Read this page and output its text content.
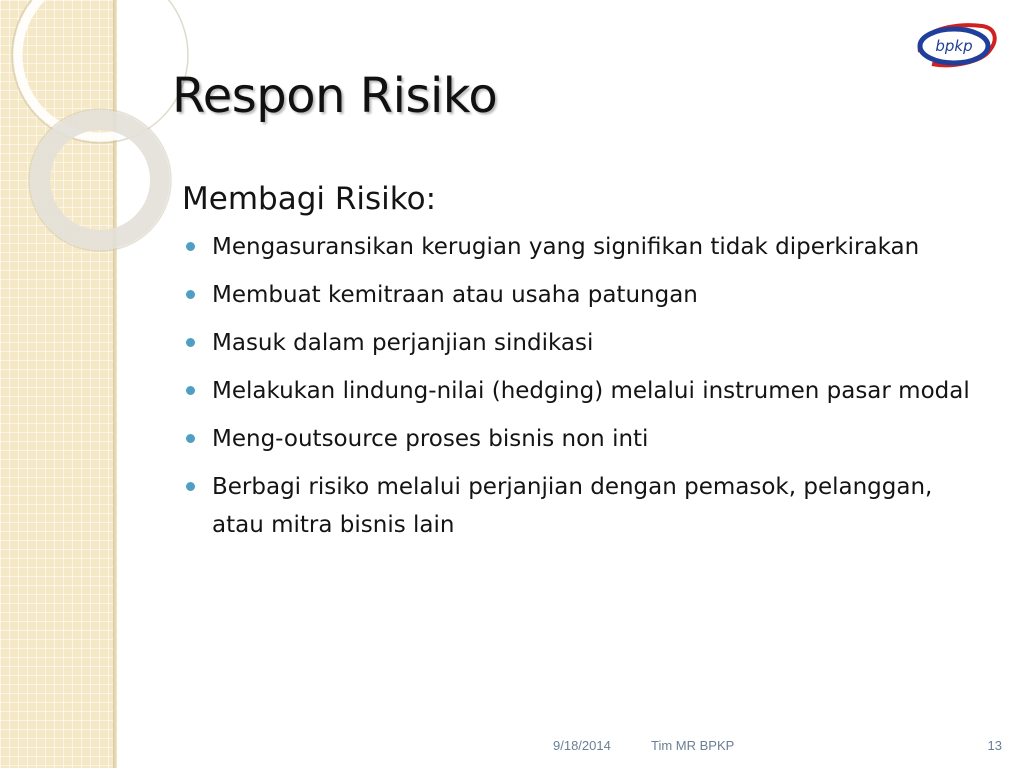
Respon Risiko
bpkp
Membagi Risiko:
Mengasuransikan kerugian yang signifikan tidak diperkirakan
Membuat kemitraan atau usaha patungan
Masuk dalam perjanjian sindikasi
Melakukan lindung-nilai (hedging) melalui instrumen pasar modal
Meng-outsource proses bisnis non inti
Berbagi risiko melalui perjanjian dengan pemasok, pelanggan, atau mitra bisnis lain
9/18/2014	Tim MR BPKP	13
